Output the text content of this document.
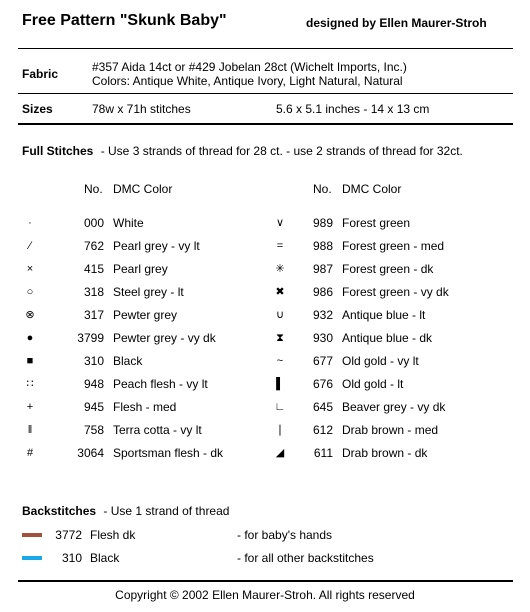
Free Pattern "Skunk Baby"	designed by Ellen Maurer-Stroh
Fabric	#357 Aida 14ct or #429 Jobelan 28ct (Wichelt Imports, Inc.)
Colors: Antique White, Antique Ivory, Light Natural, Natural
Sizes	78w x 71h stitches	5.6 x 5.1 inches - 14 x 13 cm
Full Stitches - Use 3 strands of thread for 28 ct. - use 2 strands of thread for 32ct.
No. DMC Color	No. DMC Color
·	000 White
∕	762 Pearl grey - vy lt
×	415 Pearl grey
○	318 Steel grey - lt
⊗	317 Pewter grey
●	3799 Pewter grey - vy dk
■	310 Black
∷	948 Peach flesh - vy lt
+	945 Flesh - med
‖	758 Terra cotta - vy lt
#	3064 Sportsman flesh - dk
∨	989 Forest green
=	988 Forest green - med
✳	987 Forest green - dk
✖	986 Forest green - vy dk
∪	932 Antique blue - lt
⧗	930 Antique blue - dk
~	677 Old gold - vy lt
▌	676 Old gold - lt
∟	645 Beaver grey - vy dk
❘	612 Drab brown - med
◢	611 Drab brown - dk
Backstitches - Use 1 strand of thread
3772 Flesh dk	- for baby's hands
310 Black	- for all other backstitches
Copyright © 2002 Ellen Maurer-Stroh. All rights reserved
